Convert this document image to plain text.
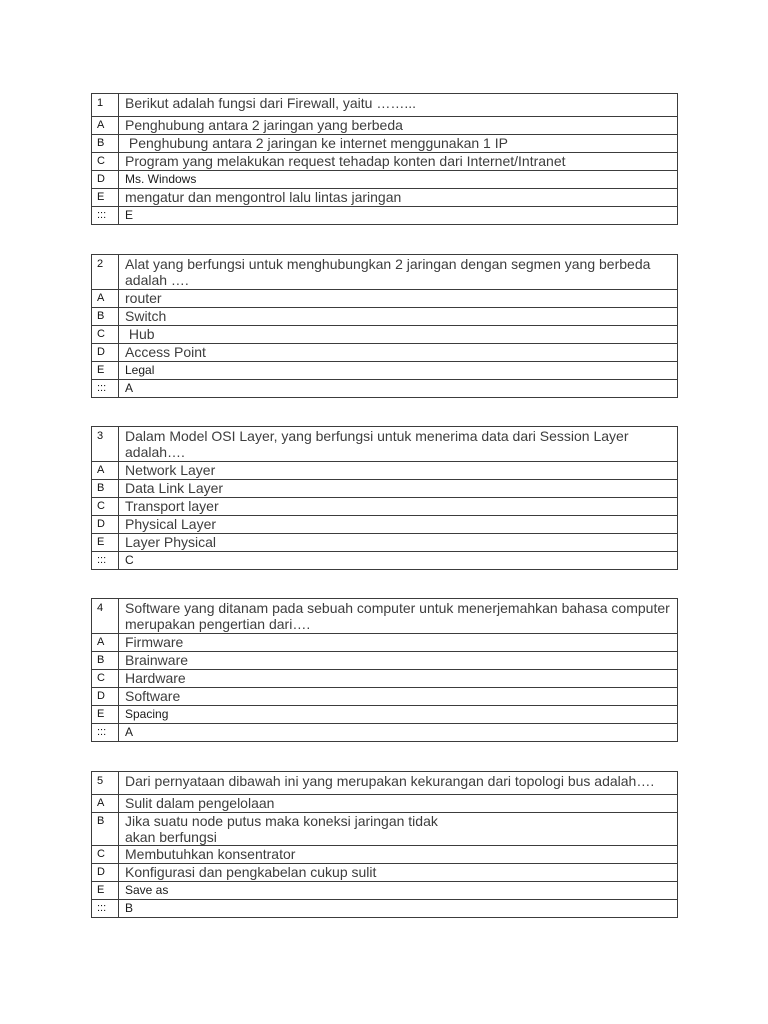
1	Berikut adalah fungsi dari Firewall, yaitu ……...
A	Penghubung antara 2 jaringan yang berbeda
B	Penghubung antara 2 jaringan ke internet menggunakan 1 IP
C	Program yang melakukan request tehadap konten dari Internet/Intranet
D	Ms. Windows
E	mengatur dan mengontrol lalu lintas jaringan
:::	E
2	Alat yang berfungsi untuk menghubungkan 2 jaringan dengan segmen yang berbeda adalah ….
A	router
B	Switch
C	Hub
D	Access Point
E	Legal
:::	A
3	Dalam Model OSI Layer, yang berfungsi untuk menerima data dari Session Layer adalah….
A	Network Layer
B	Data Link Layer
C	Transport layer
D	Physical Layer
E	Layer Physical
:::	C
4	Software yang ditanam pada sebuah computer untuk menerjemahkan bahasa computer merupakan pengertian dari….
A	Firmware
B	Brainware
C	Hardware
D	Software
E	Spacing
:::	A
5	Dari pernyataan dibawah ini yang merupakan kekurangan dari topologi bus adalah….
A	Sulit dalam pengelolaan
B	Jika suatu node putus maka koneksi jaringan tidak akan berfungsi
C	Membutuhkan konsentrator
D	Konfigurasi dan pengkabelan cukup sulit
E	Save as
:::	B
